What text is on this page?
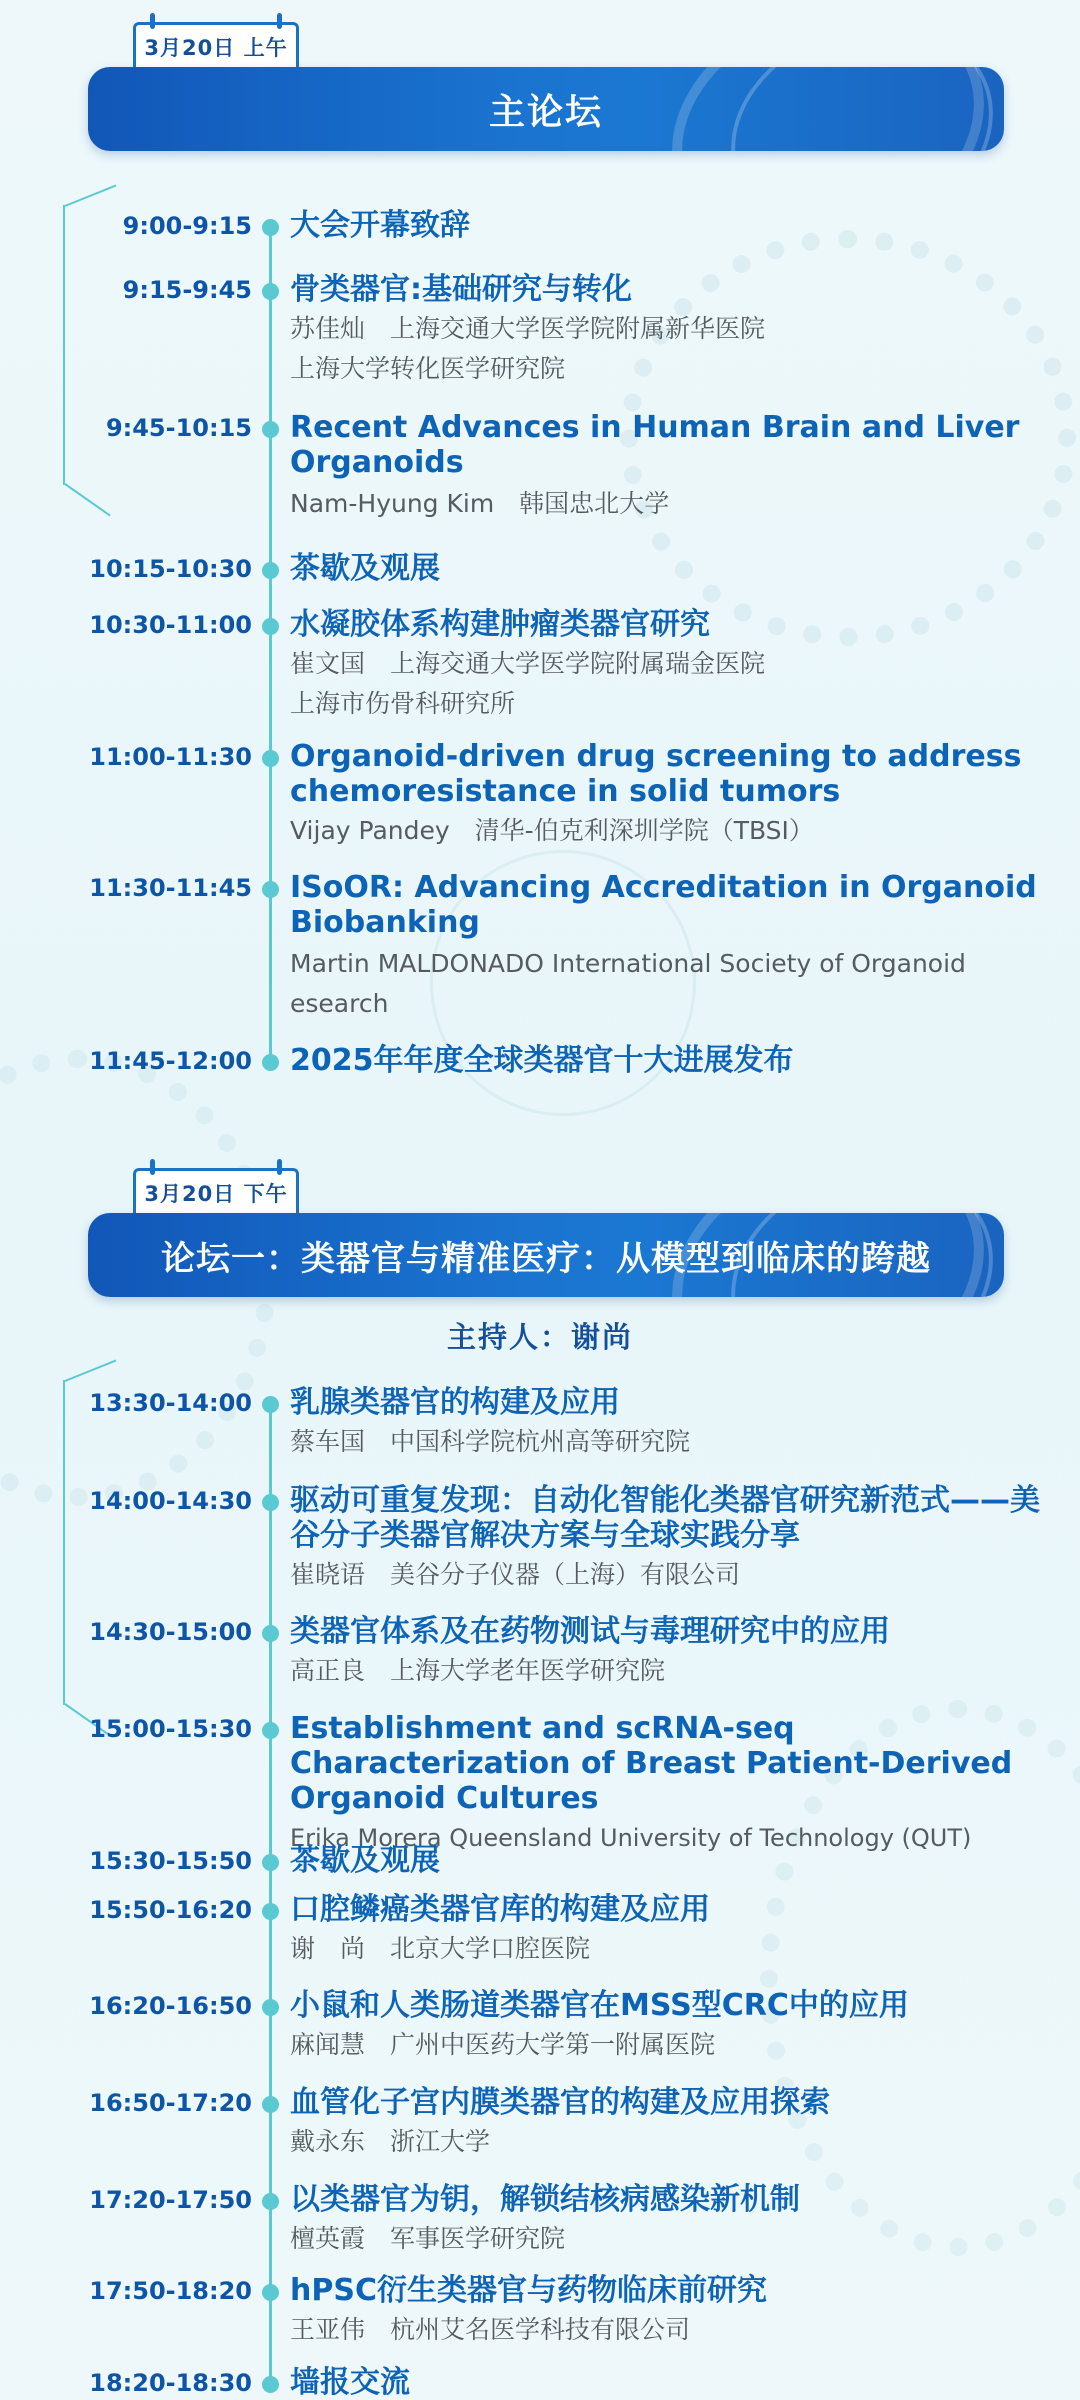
3月20日 上午
主论坛
9:00-9:15 大会开幕致辞
9:15-9:45 骨类器官:基础研究与转化
苏佳灿　上海交通大学医学院附属新华医院
上海大学转化医学研究院
9:45-10:15 Recent Advances in Human Brain and Liver Organoids
Nam-Hyung Kim　韩国忠北大学
10:15-10:30 茶歇及观展
10:30-11:00 水凝胶体系构建肿瘤类器官研究
崔文国　上海交通大学医学院附属瑞金医院
上海市伤骨科研究所
11:00-11:30 Organoid-driven drug screening to address chemoresistance in solid tumors
Vijay Pandey　清华-伯克利深圳学院（TBSI）
11:30-11:45 ISoOR: Advancing Accreditation in Organoid Biobanking
Martin MALDONADO International Society of Organoid esearch
11:45-12:00 2025年年度全球类器官十大进展发布
3月20日 下午
论坛一：类器官与精准医疗：从模型到临床的跨越
主持人：谢尚
13:30-14:00 乳腺类器官的构建及应用
蔡车国　中国科学院杭州高等研究院
14:00-14:30 驱动可重复发现：自动化智能化类器官研究新范式——美谷分子类器官解决方案与全球实践分享
崔晓语　美谷分子仪器（上海）有限公司
14:30-15:00 类器官体系及在药物测试与毒理研究中的应用
高正良　上海大学老年医学研究院
15:00-15:30 Establishment and scRNA-seq Characterization of Breast Patient-Derived Organoid Cultures
Erika Morera Queensland University of Technology (QUT)
15:30-15:50 茶歇及观展
15:50-16:20 口腔鳞癌类器官库的构建及应用
谢　尚　北京大学口腔医院
16:20-16:50 小鼠和人类肠道类器官在MSS型CRC中的应用
麻闻慧　广州中医药大学第一附属医院
16:50-17:20 血管化子宫内膜类器官的构建及应用探索
戴永东　浙江大学
17:20-17:50 以类器官为钥，解锁结核病感染新机制
檀英霞　军事医学研究院
17:50-18:20 hPSC衍生类器官与药物临床前研究
王亚伟　杭州艾名医学科技有限公司
18:20-18:30 墙报交流
